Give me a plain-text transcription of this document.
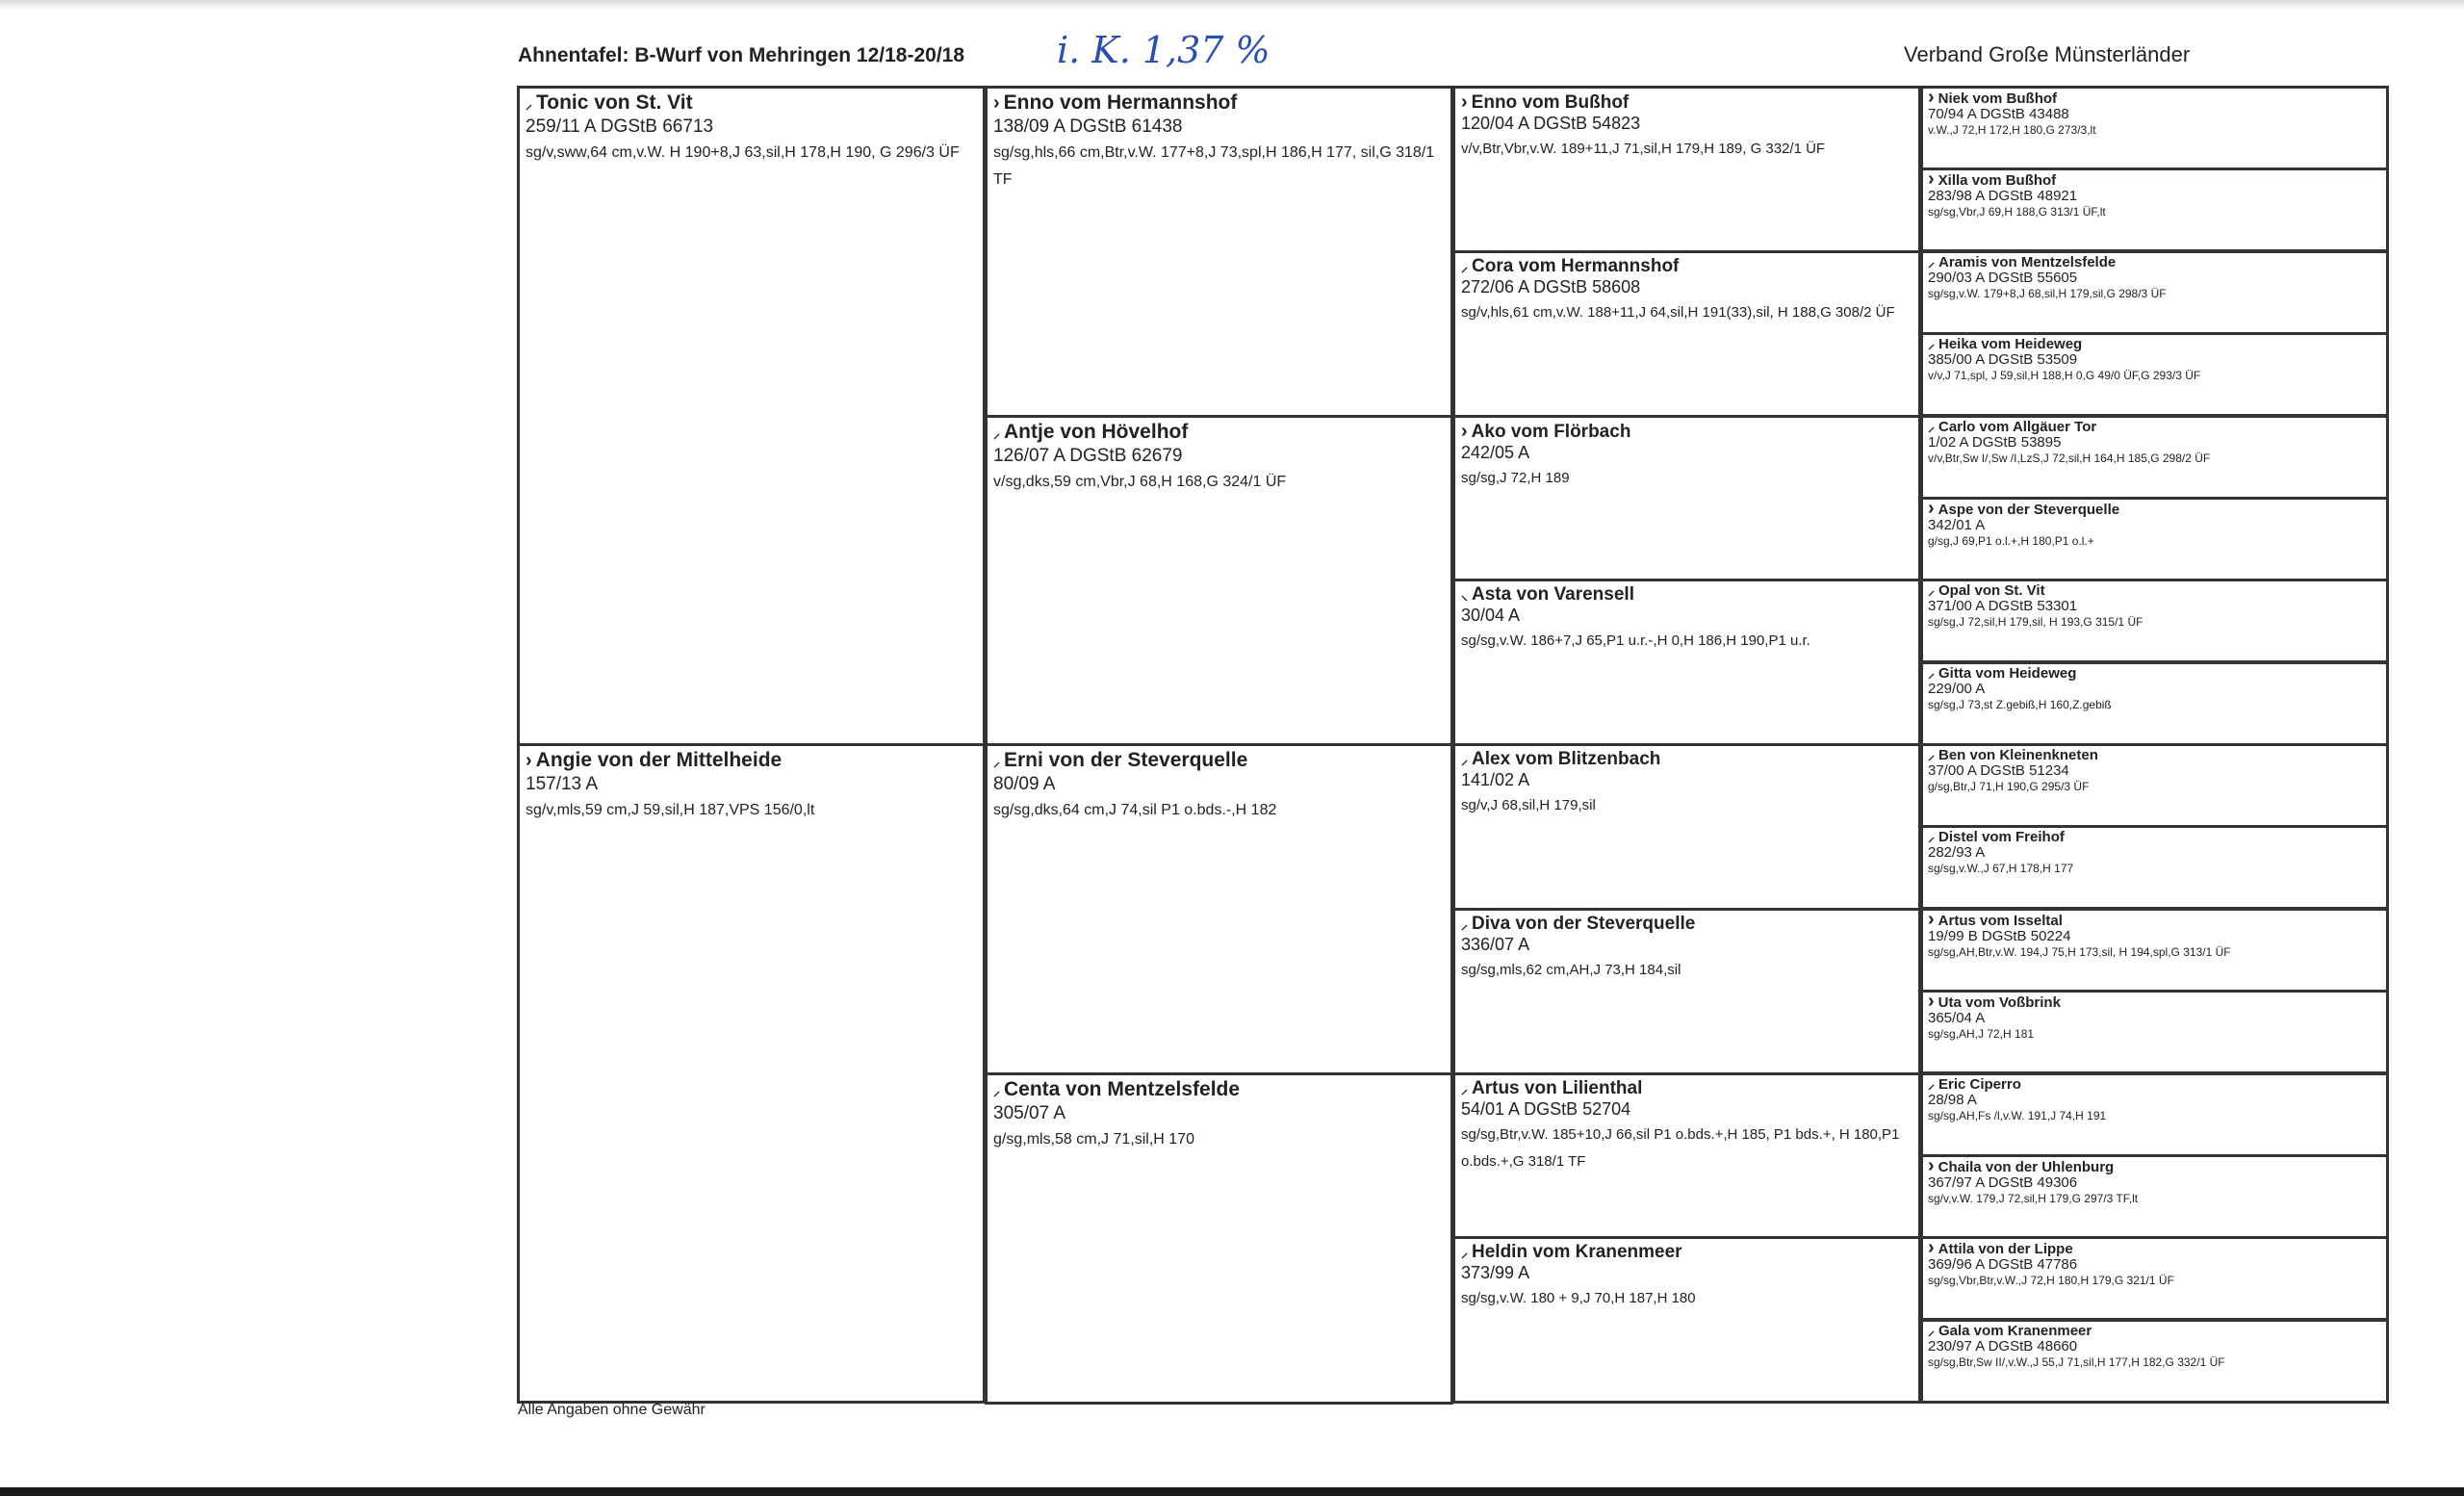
Ahnentafel: B-Wurf von Mehringen 12/18-20/18	i. K. 1,37 %	Verband Große Münsterländer
⸝ Tonic von St. Vit
259/11 A DGStB 66713
sg/v,sww,64 cm,v.W. H 190+8,J 63,sil,H 178,H 190, G 296/3 ÜF
› Angie von der Mittelheide
157/13 A
sg/v,mls,59 cm,J 59,sil,H 187,VPS 156/0,lt
› Enno vom Hermannshof
138/09 A DGStB 61438
sg/sg,hls,66 cm,Btr,v.W. 177+8,J 73,spl,H 186,H 177, sil,G 318/1 TF
⸝ Antje von Hövelhof
126/07 A DGStB 62679
v/sg,dks,59 cm,Vbr,J 68,H 168,G 324/1 ÜF
⸝ Erni von der Steverquelle
80/09 A
sg/sg,dks,64 cm,J 74,sil P1 o.bds.-,H 182
⸝ Centa von Mentzelsfelde
305/07 A
g/sg,mls,58 cm,J 71,sil,H 170
› Enno vom Bußhof
120/04 A DGStB 54823
v/v,Btr,Vbr,v.W. 189+11,J 71,sil,H 179,H 189, G 332/1 ÜF
⸝ Cora vom Hermannshof
272/06 A DGStB 58608
sg/v,hls,61 cm,v.W. 188+11,J 64,sil,H 191(33),sil, H 188,G 308/2 ÜF
› Ako vom Flörbach
242/05 A
sg/sg,J 72,H 189
⸜ Asta von Varensell
30/04 A
sg/sg,v.W. 186+7,J 65,P1 u.r.-,H 0,H 186,H 190,P1 u.r.
⸝ Alex vom Blitzenbach
141/02 A
sg/v,J 68,sil,H 179,sil
⸝ Diva von der Steverquelle
336/07 A
sg/sg,mls,62 cm,AH,J 73,H 184,sil
⸝ Artus von Lilienthal
54/01 A DGStB 52704
sg/sg,Btr,v.W. 185+10,J 66,sil P1 o.bds.+,H 185, P1 bds.+, H 180,P1 o.bds.+,G 318/1 TF
⸝ Heldin vom Kranenmeer
373/99 A
sg/sg,v.W. 180 + 9,J 70,H 187,H 180
› Niek vom Bußhof
70/94 A DGStB 43488
v.W.,J 72,H 172,H 180,G 273/3,lt
› Xilla vom Bußhof
283/98 A DGStB 48921
sg/sg,Vbr,J 69,H 188,G 313/1 ÜF,lt
⸝ Aramis von Mentzelsfelde
290/03 A DGStB 55605
sg/sg,v.W. 179+8,J 68,sil,H 179,sil,G 298/3 ÜF
⸝ Heika vom Heideweg
385/00 A DGStB 53509
v/v,J 71,spl, J 59,sil,H 188,H 0,G 49/0 ÜF,G 293/3 ÜF
⸝ Carlo vom Allgäuer Tor
1/02 A DGStB 53895
v/v,Btr,Sw I/,Sw /I,LzS,J 72,sil,H 164,H 185,G 298/2 ÜF
› Aspe von der Steverquelle
342/01 A
g/sg,J 69,P1 o.l.+,H 180,P1 o.l.+
⸝ Opal von St. Vit
371/00 A DGStB 53301
sg/sg,J 72,sil,H 179,sil, H 193,G 315/1 ÜF
⸝ Gitta vom Heideweg
229/00 A
sg/sg,J 73,st Z.gebiß,H 160,Z.gebiß
⸝ Ben von Kleinenkneten
37/00 A DGStB 51234
g/sg,Btr,J 71,H 190,G 295/3 ÜF
⸝ Distel vom Freihof
282/93 A
sg/sg,v.W.,J 67,H 178,H 177
› Artus vom Isseltal
19/99 B DGStB 50224
sg/sg,AH,Btr,v.W. 194,J 75,H 173,sil, H 194,spl,G 313/1 ÜF
› Uta vom Voßbrink
365/04 A
sg/sg,AH,J 72,H 181
⸝ Eric Ciperro
28/98 A
sg/sg,AH,Fs /l,v.W. 191,J 74,H 191
› Chaila von der Uhlenburg
367/97 A DGStB 49306
sg/v,v.W. 179,J 72,sil,H 179,G 297/3 TF,lt
› Attila von der Lippe
369/96 A DGStB 47786
sg/sg,Vbr,Btr,v.W.,J 72,H 180,H 179,G 321/1 ÜF
⸝ Gala vom Kranenmeer
230/97 A DGStB 48660
sg/sg,Btr,Sw II/,v.W.,J 55,J 71,sil,H 177,H 182,G 332/1 ÜF
Alle Angaben ohne Gewähr
